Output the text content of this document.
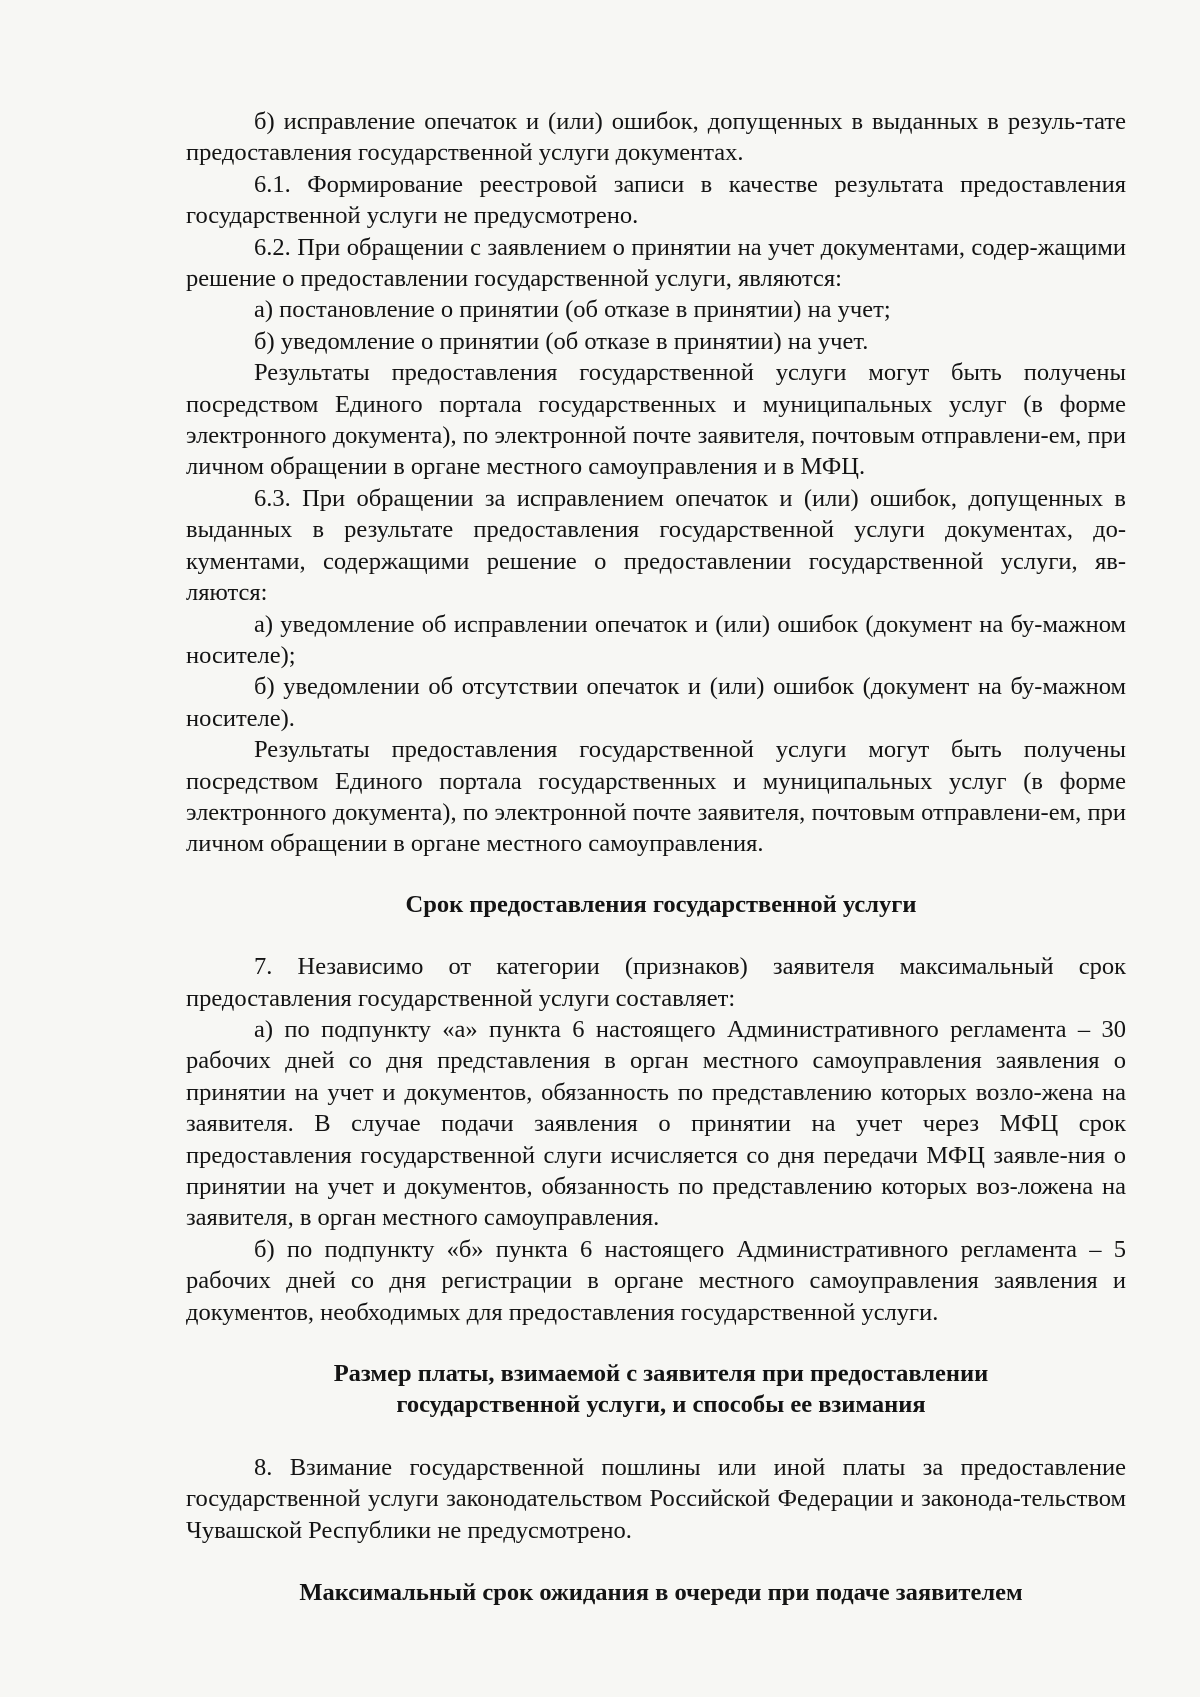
б) исправление опечаток и (или) ошибок, допущенных в выданных в резуль-тате предоставления государственной услуги документах.

6.1. Формирование реестровой записи в качестве результата предоставления государственной услуги не предусмотрено.

6.2. При обращении с заявлением о принятии на учет документами, содер-жащими решение о предоставлении государственной услуги, являются:

а) постановление о принятии (об отказе в принятии) на учет;

б) уведомление о принятии (об отказе в принятии) на учет.

Результаты предоставления государственной услуги могут быть получены посредством Единого портала государственных и муниципальных услуг (в форме электронного документа), по электронной почте заявителя, почтовым отправлени-ем, при личном обращении в органе местного самоуправления и в МФЦ.

6.3. При обращении за исправлением опечаток и (или) ошибок, допущенных в выданных в результате предоставления государственной услуги документах, до-кументами, содержащими решение о предоставлении государственной услуги, яв-ляются:

а) уведомление об исправлении опечаток и (или) ошибок (документ на бу-мажном носителе);

б) уведомлении об отсутствии опечаток и (или) ошибок (документ на бу-мажном носителе).

Результаты предоставления государственной услуги могут быть получены посредством Единого портала государственных и муниципальных услуг (в форме электронного документа), по электронной почте заявителя, почтовым отправлени-ем, при личном обращении в органе местного самоуправления.

Срок предоставления государственной услуги

7. Независимо от категории (признаков) заявителя максимальный срок предоставления государственной услуги составляет:

а) по подпункту «а» пункта 6 настоящего Административного регламента – 30 рабочих дней со дня представления в орган местного самоуправления заявления о принятии на учет и документов, обязанность по представлению которых возло-жена на заявителя. В случае подачи заявления о принятии на учет через МФЦ срок предоставления государственной слуги исчисляется со дня передачи МФЦ заявле-ния о принятии на учет и документов, обязанность по представлению которых воз-ложена на заявителя, в орган местного самоуправления.

б) по подпункту «б» пункта 6 настоящего Административного регламента – 5 рабочих дней со дня регистрации в органе местного самоуправления заявления и документов, необходимых для предоставления государственной услуги.

Размер платы, взимаемой с заявителя при предоставлении
государственной услуги, и способы ее взимания

8. Взимание государственной пошлины или иной платы за предоставление государственной услуги законодательством Российской Федерации и законода-тельством Чувашской Республики не предусмотрено.

Максимальный срок ожидания в очереди при подаче заявителем
